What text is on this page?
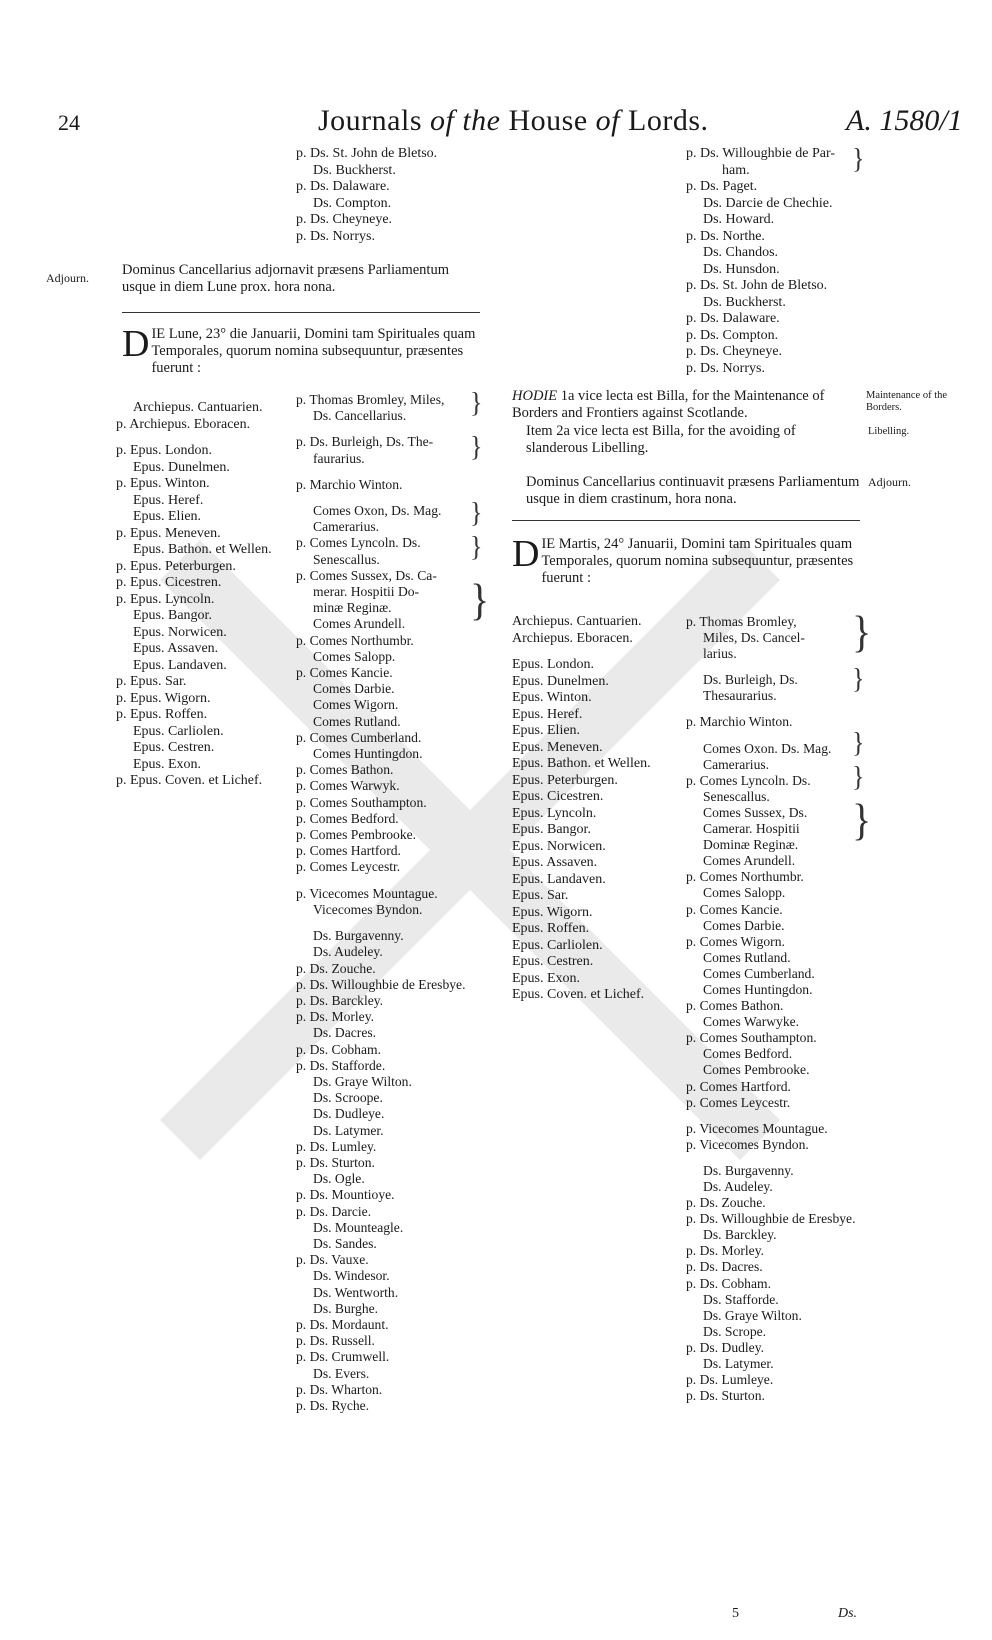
24	Journals of the House of Lords.	A. 1580/1
p. Ds. St. John de Bletso.
Ds. Buckherst.
p. Ds. Dalaware.
Ds. Compton.
p. Ds. Cheyneye.
p. Ds. Norrys.
Adjourn. Dominus Cancellarius adjornavit præsens Parliamentum usque in diem Lune prox. hora nona.
DIE Lune, 23° die Januarii, Domini tam Spirituales quam Temporales, quorum nomina subsequuntur, præsentes fuerunt :
Archiepus. Cantuarien.
p. Archiepus. Eboracen.
p. Epus. London.
Epus. Dunelmen.
p. Epus. Winton.
Epus. Heref.
Epus. Elien.
p. Epus. Meneven.
Epus. Bathon. et Wellen.
p. Epus. Peterburgen.
p. Epus. Cicestren.
p. Epus. Lyncoln.
Epus. Bangor.
Epus. Norwicen.
Epus. Assaven.
Epus. Landaven.
p. Epus. Sar.
p. Epus. Wigorn.
p. Epus. Roffen.
Epus. Carliolen.
Epus. Cestren.
Epus. Exon.
p. Epus. Coven. et Lichef.
p. Thomas Bromley, Miles,
Ds. Cancellarius.
p. Ds. Burleigh, Ds. The-
faurarius.
p. Marchio Winton.
Comes Oxon, Ds. Mag.
Camerarius.
p. Comes Lyncoln. Ds.
Senescallus.
p. Comes Sussex, Ds. Ca-
merar. Hospitii Do-
minæ Reginæ.
Comes Arundell.
p. Comes Northumbr.
Comes Salopp.
p. Comes Kancie.
Comes Darbie.
Comes Wigorn.
Comes Rutland.
p. Comes Cumberland.
Comes Huntingdon.
p. Comes Bathon.
p. Comes Warwyk.
p. Comes Southampton.
p. Comes Bedford.
p. Comes Pembrooke.
p. Comes Hartford.
p. Comes Leycestr.
p. Vicecomes Mountague.
Vicecomes Byndon.
Ds. Burgavenny.
Ds. Audeley.
p. Ds. Zouche.
p. Ds. Willoughbie de Eresbye.
p. Ds. Barckley.
p. Ds. Morley.
Ds. Dacres.
p. Ds. Cobham.
p. Ds. Stafforde.
Ds. Graye Wilton.
Ds. Scroope.
Ds. Dudleye.
Ds. Latymer.
p. Ds. Lumley.
p. Ds. Sturton.
Ds. Ogle.
p. Ds. Mountioye.
p. Ds. Darcie.
Ds. Mounteagle.
Ds. Sandes.
p. Ds. Vauxe.
Ds. Windesor.
Ds. Wentworth.
Ds. Burghe.
p. Ds. Mordaunt.
p. Ds. Russell.
p. Ds. Crumwell.
Ds. Evers.
p. Ds. Wharton.
p. Ds. Ryche.
}
}
}
}
}
p. Ds. Willoughbie de Par-
ham.
p. Ds. Paget.
Ds. Darcie de Chechie.
Ds. Howard.
p. Ds. Northe.
Ds. Chandos.
Ds. Hunsdon.
p. Ds. St. John de Bletso.
Ds. Buckherst.
p. Ds. Dalaware.
p. Ds. Compton.
p. Ds. Cheyneye.
p. Ds. Norrys.
}
HODIE 1a vice lecta est Billa, for the Maintenance of Borders and Frontiers against Scotlande.
Maintenance of the Borders.
Item 2a vice lecta est Billa, for the avoiding of slanderous Libelling.
Libelling.
Dominus Cancellarius continuavit præsens Parliamentum usque in diem crastinum, hora nona.
Adjourn.
DIE Martis, 24° Januarii, Domini tam Spirituales quam Temporales, quorum nomina subsequuntur, præsentes fuerunt :
Archiepus. Cantuarien.
Archiepus. Eboracen.
Epus. London.
Epus. Dunelmen.
Epus. Winton.
Epus. Heref.
Epus. Elien.
Epus. Meneven.
Epus. Bathon. et Wellen.
Epus. Peterburgen.
Epus. Cicestren.
Epus. Lyncoln.
Epus. Bangor.
Epus. Norwicen.
Epus. Assaven.
Epus. Landaven.
Epus. Sar.
Epus. Wigorn.
Epus. Roffen.
Epus. Carliolen.
Epus. Cestren.
Epus. Exon.
Epus. Coven. et Lichef.
p. Thomas Bromley,
Miles, Ds. Cancel-
larius.
Ds. Burleigh, Ds.
Thesaurarius.
p. Marchio Winton.
Comes Oxon. Ds. Mag.
Camerarius.
p. Comes Lyncoln. Ds.
Senescallus.
Comes Sussex, Ds.
Camerar. Hospitii
Dominæ Reginæ.
Comes Arundell.
p. Comes Northumbr.
Comes Salopp.
p. Comes Kancie.
Comes Darbie.
p. Comes Wigorn.
Comes Rutland.
Comes Cumberland.
Comes Huntingdon.
p. Comes Bathon.
Comes Warwyke.
p. Comes Southampton.
Comes Bedford.
Comes Pembrooke.
p. Comes Hartford.
p. Comes Leycestr.
p. Vicecomes Mountague.
p. Vicecomes Byndon.
Ds. Burgavenny.
Ds. Audeley.
p. Ds. Zouche.
p. Ds. Willoughbie de Eresbye.
Ds. Barckley.
p. Ds. Morley.
p. Ds. Dacres.
p. Ds. Cobham.
Ds. Stafforde.
Ds. Graye Wilton.
Ds. Scrope.
p. Ds. Dudley.
Ds. Latymer.
p. Ds. Lumleye.
p. Ds. Sturton.
}
}
}
}
}
5	Ds.
